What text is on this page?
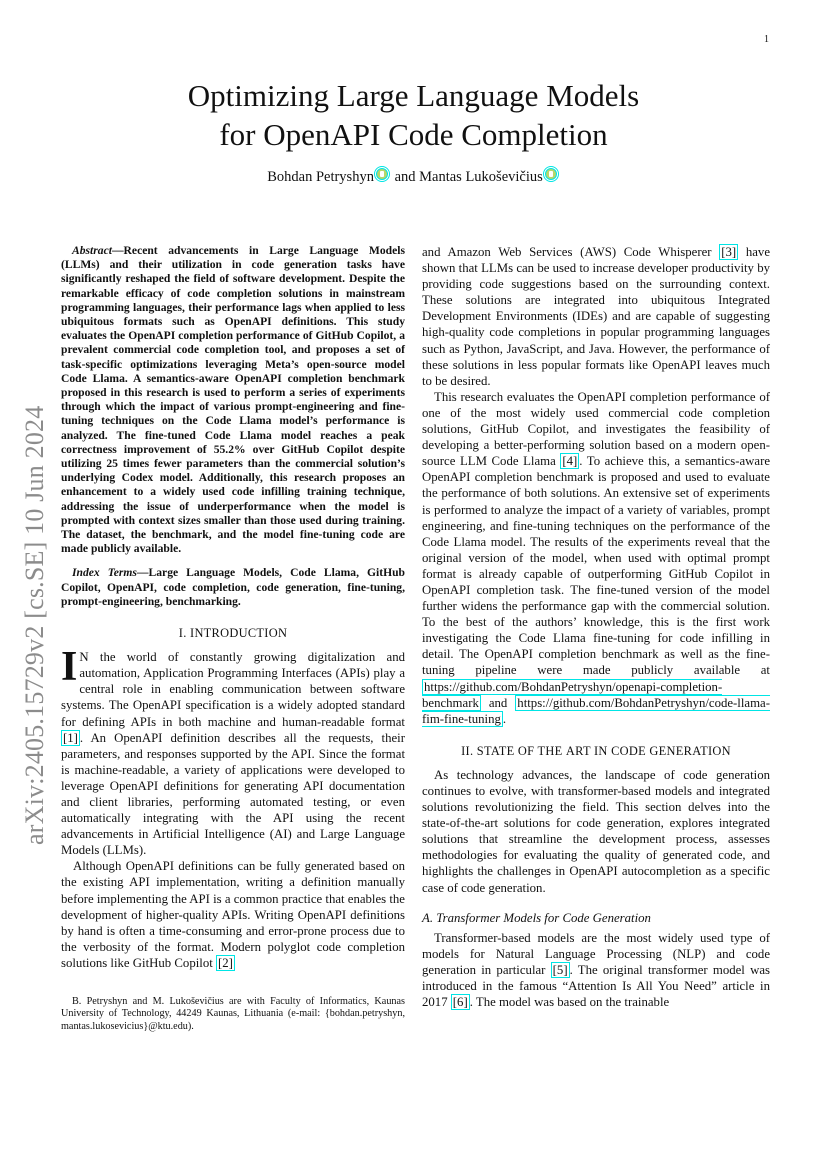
1
arXiv:2405.15729v2 [cs.SE] 10 Jun 2024
Optimizing Large Language Models
for OpenAPI Code Completion
Bohdan Petryshyn and Mantas Lukoševičius

Abstract—Recent advancements in Large Language Models (LLMs) and their utilization in code generation tasks have significantly reshaped the field of software development. Despite the remarkable efficacy of code completion solutions in mainstream programming languages, their performance lags when applied to less ubiquitous formats such as OpenAPI definitions. This study evaluates the OpenAPI completion performance of GitHub Copilot, a prevalent commercial code completion tool, and proposes a set of task-specific optimizations leveraging Meta’s open-source model Code Llama. A semantics-aware OpenAPI completion benchmark proposed in this research is used to perform a series of experiments through which the impact of various prompt-engineering and fine-tuning techniques on the Code Llama model’s performance is analyzed. The fine-tuned Code Llama model reaches a peak correctness improvement of 55.2% over GitHub Copilot despite utilizing 25 times fewer parameters than the commercial solution’s underlying Codex model. Additionally, this research proposes an enhancement to a widely used code infilling training technique, addressing the issue of underperformance when the model is prompted with context sizes smaller than those used during training. The dataset, the benchmark, and the model fine-tuning code are made publicly available.

Index Terms—Large Language Models, Code Llama, GitHub Copilot, OpenAPI, code completion, code generation, fine-tuning, prompt-engineering, benchmarking.

I. INTRODUCTION

I N the world of constantly growing digitalization and automation, Application Programming Interfaces (APIs) play a central role in enabling communication between software systems. The OpenAPI specification is a widely adopted standard for defining APIs in both machine and human-readable format [1] . An OpenAPI definition describes all the requests, their parameters, and responses supported by the API. Since the format is machine-readable, a variety of applications were developed to leverage OpenAPI definitions for generating API documentation and client libraries, performing automated testing, or even automatically integrating with the API using the recent advancements in Artificial Intelligence (AI) and Large Language Models (LLMs).

Although OpenAPI definitions can be fully generated based on the existing API implementation, writing a definition manually before implementing the API is a common practice that enables the development of higher-quality APIs. Writing OpenAPI definitions by hand is often a time-consuming and error-prone process due to the verbosity of the format. Modern polyglot code completion solutions like GitHub Copilot [2]

B. Petryshyn and M. Lukoševičius are with Faculty of Informatics, Kaunas University of Technology, 44249 Kaunas, Lithuania (e-mail: {bohdan.petryshyn, mantas.lukosevicius}@ktu.edu).

and Amazon Web Services (AWS) Code Whisperer [3] have shown that LLMs can be used to increase developer productivity by providing code suggestions based on the surrounding context. These solutions are integrated into ubiquitous Integrated Development Environments (IDEs) and are capable of suggesting high-quality code completions in popular programming languages such as Python, JavaScript, and Java. However, the performance of these solutions in less popular formats like OpenAPI leaves much to be desired.

This research evaluates the OpenAPI completion performance of one of the most widely used commercial code completion solutions, GitHub Copilot, and investigates the feasibility of developing a better-performing solution based on a modern open-source LLM Code Llama [4] . To achieve this, a semantics-aware OpenAPI completion benchmark is proposed and used to evaluate the performance of both solutions. An extensive set of experiments is performed to analyze the impact of a variety of variables, prompt engineering, and fine-tuning techniques on the performance of the Code Llama model. The results of the experiments reveal that the original version of the model, when used with optimal prompt format is already capable of outperforming GitHub Copilot in OpenAPI completion task. The fine-tuned version of the model further widens the performance gap with the commercial solution. To the best of the authors’ knowledge, this is the first work investigating the Code Llama fine-tuning for code infilling in detail. The OpenAPI completion benchmark as well as the fine-tuning pipeline were made publicly available at https://github.com/BohdanPetryshyn/openapi-completion-benchmark and https://github.com/BohdanPetryshyn/code-llama-fim-fine-tuning .

II. STATE OF THE ART IN CODE GENERATION

As technology advances, the landscape of code generation continues to evolve, with transformer-based models and integrated solutions revolutionizing the field. This section delves into the state-of-the-art solutions for code generation, explores integrated solutions that streamline the development process, assesses methodologies for evaluating the quality of generated code, and highlights the challenges in OpenAPI autocompletion as a specific case of code generation.

A. Transformer Models for Code Generation

Transformer-based models are the most widely used type of models for Natural Language Processing (NLP) and code generation in particular [5] . The original transformer model was introduced in the famous “Attention Is All You Need” article in 2017 [6] . The model was based on the trainable
